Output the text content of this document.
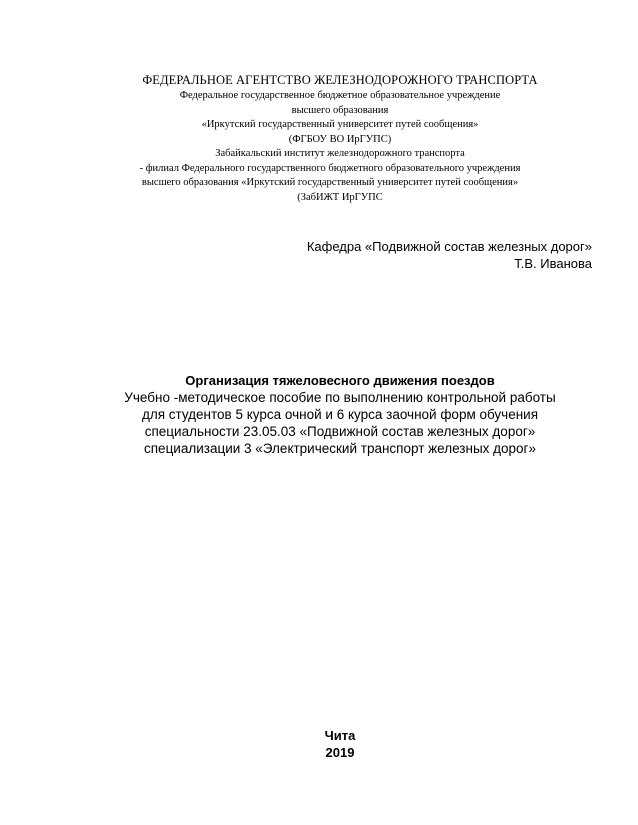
ФЕДЕРАЛЬНОЕ АГЕНТСТВО ЖЕЛЕЗНОДОРОЖНОГО ТРАНСПОРТА
Федеральное государственное бюджетное образовательное учреждение
высшего образования
«Иркутский государственный университет путей сообщения»
(ФГБОУ ВО ИрГУПС)
Забайкальский институт железнодорожного транспорта
- филиал Федерального государственного бюджетного образовательного учреждения
высшего образования «Иркутский государственный университет путей сообщения»
(ЗабИЖТ ИрГУПС
Кафедра «Подвижной состав железных дорог»
Т.В. Иванова
Организация тяжеловесного движения поездов
Учебно -методическое пособие по выполнению контрольной работы
для студентов 5 курса очной и 6 курса заочной форм обучения
специальности 23.05.03 «Подвижной состав железных дорог»
специализации 3 «Электрический транспорт железных дорог»
Чита
2019
